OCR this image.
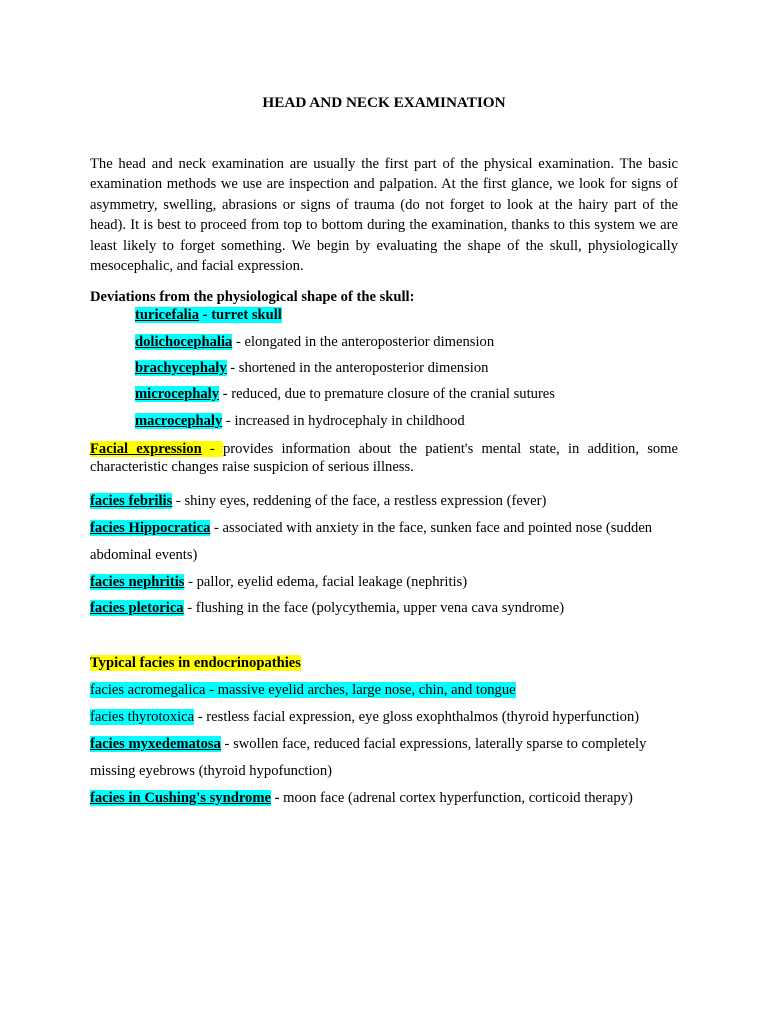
HEAD AND NECK EXAMINATION

The head and neck examination are usually the first part of the physical examination. The basic examination methods we use are inspection and palpation. At the first glance, we look for signs of asymmetry, swelling, abrasions or signs of trauma (do not forget to look at the hairy part of the head). It is best to proceed from top to bottom during the examination, thanks to this system we are least likely to forget something. We begin by evaluating the shape of the skull, physiologically mesocephalic, and facial expression.

Deviations from the physiological shape of the skull:

turicefalia - turret skull

dolichocephalia - elongated in the anteroposterior dimension

brachycephaly - shortened in the anteroposterior dimension

microcephaly - reduced, due to premature closure of the cranial sutures

macrocephaly - increased in hydrocephaly in childhood

Facial expression - provides information about the patient's mental state, in addition, some characteristic changes raise suspicion of serious illness.

facies febrilis - shiny eyes, reddening of the face, a restless expression (fever)

facies Hippocratica - associated with anxiety in the face, sunken face and pointed nose (sudden

abdominal events)

facies nephritis - pallor, eyelid edema, facial leakage (nephritis)

facies pletorica - flushing in the face (polycythemia, upper vena cava syndrome)

Typical facies in endocrinopathies

facies acromegalica - massive eyelid arches, large nose, chin, and tongue

facies thyrotoxica - restless facial expression, eye gloss exophthalmos (thyroid hyperfunction)

facies myxedematosa - swollen face, reduced facial expressions, laterally sparse to completely

missing eyebrows (thyroid hypofunction)

facies in Cushing's syndrome - moon face (adrenal cortex hyperfunction, corticoid therapy)
